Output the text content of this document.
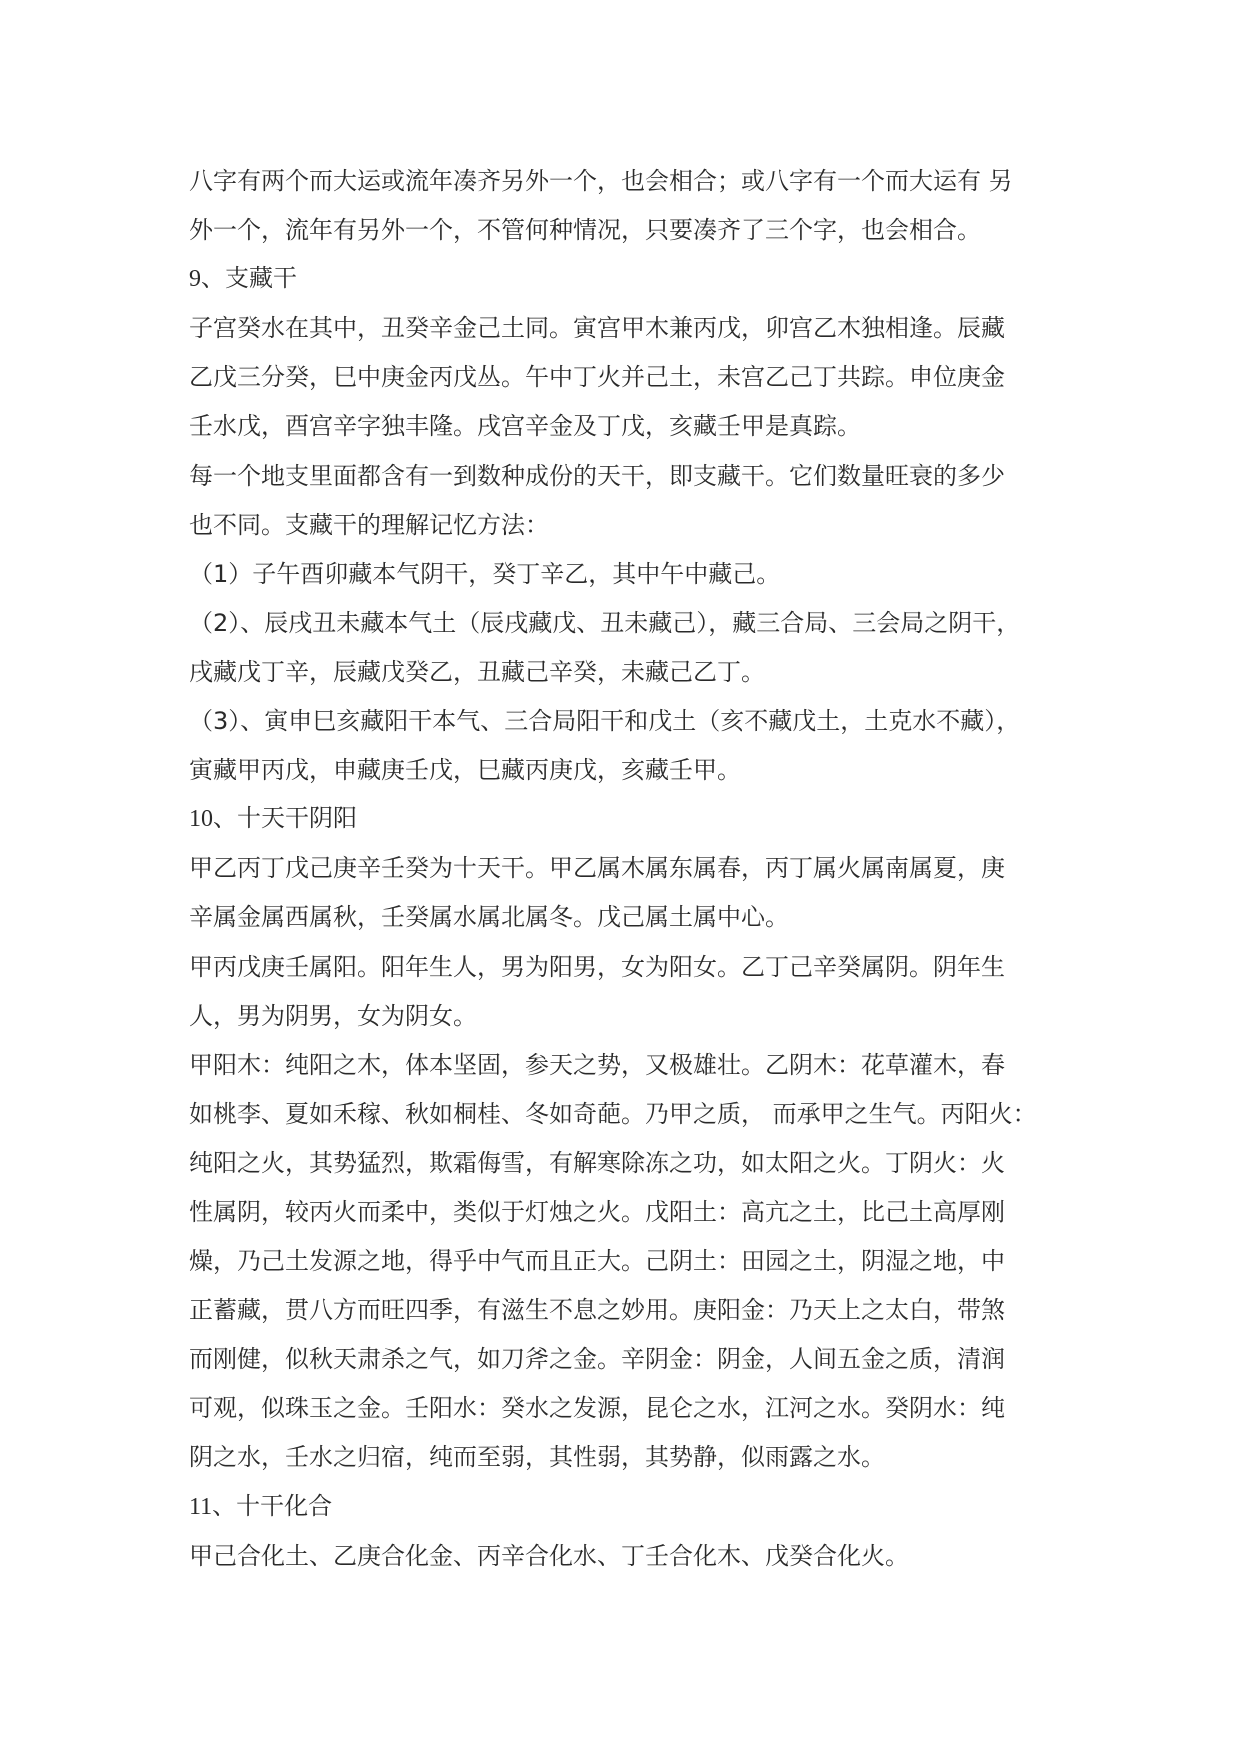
八字有两个而大运或流年凑齐另外一个，也会相合；或八字有一个而大运有 另
外一个，流年有另外一个，不管何种情况，只要凑齐了三个字，也会相合。
9、支藏干
子宫癸水在其中，丑癸辛金己土同。寅宫甲木兼丙戊，卯宫乙木独相逢。辰藏
乙戊三分癸，巳中庚金丙戊丛。午中丁火并己土，未宫乙己丁共踪。申位庚金
壬水戊，酉宫辛字独丰隆。戌宫辛金及丁戊，亥藏壬甲是真踪。
每一个地支里面都含有一到数种成份的天干，即支藏干。它们数量旺衰的多少
也不同。支藏干的理解记忆方法：
（1）子午酉卯藏本气阴干，癸丁辛乙，其中午中藏己。
（2）、辰戌丑未藏本气土（辰戌藏戊、丑未藏己），藏三合局、三会局之阴干，
戌藏戊丁辛，辰藏戊癸乙，丑藏己辛癸，未藏己乙丁。
（3）、寅申巳亥藏阳干本气、三合局阳干和戊土（亥不藏戊土，土克水不藏），
寅藏甲丙戊，申藏庚壬戊，巳藏丙庚戊，亥藏壬甲。
10、十天干阴阳
甲乙丙丁戊己庚辛壬癸为十天干。甲乙属木属东属春，丙丁属火属南属夏，庚
辛属金属西属秋，壬癸属水属北属冬。戊己属土属中心。
甲丙戊庚壬属阳。阳年生人，男为阳男，女为阳女。乙丁己辛癸属阴。阴年生
人，男为阴男，女为阴女。
甲阳木：纯阳之木，体本坚固，参天之势，又极雄壮。乙阴木：花草灌木，春
如桃李、夏如禾稼、秋如桐桂、冬如奇葩。乃甲之质， 而承甲之生气。丙阳火：
纯阳之火，其势猛烈，欺霜侮雪，有解寒除冻之功，如太阳之火。丁阴火：火
性属阴，较丙火而柔中，类似于灯烛之火。戊阳土：高亢之土，比己土高厚刚
燥，乃己土发源之地，得乎中气而且正大。己阴土：田园之土，阴湿之地，中
正蓄藏，贯八方而旺四季，有滋生不息之妙用。庚阳金：乃天上之太白，带煞
而刚健，似秋天肃杀之气，如刀斧之金。辛阴金：阴金，人间五金之质，清润
可观，似珠玉之金。壬阳水：癸水之发源，昆仑之水，江河之水。癸阴水：纯
阴之水，壬水之归宿，纯而至弱，其性弱，其势静，似雨露之水。
11、十干化合
甲己合化土、乙庚合化金、丙辛合化水、丁壬合化木、戊癸合化火。
